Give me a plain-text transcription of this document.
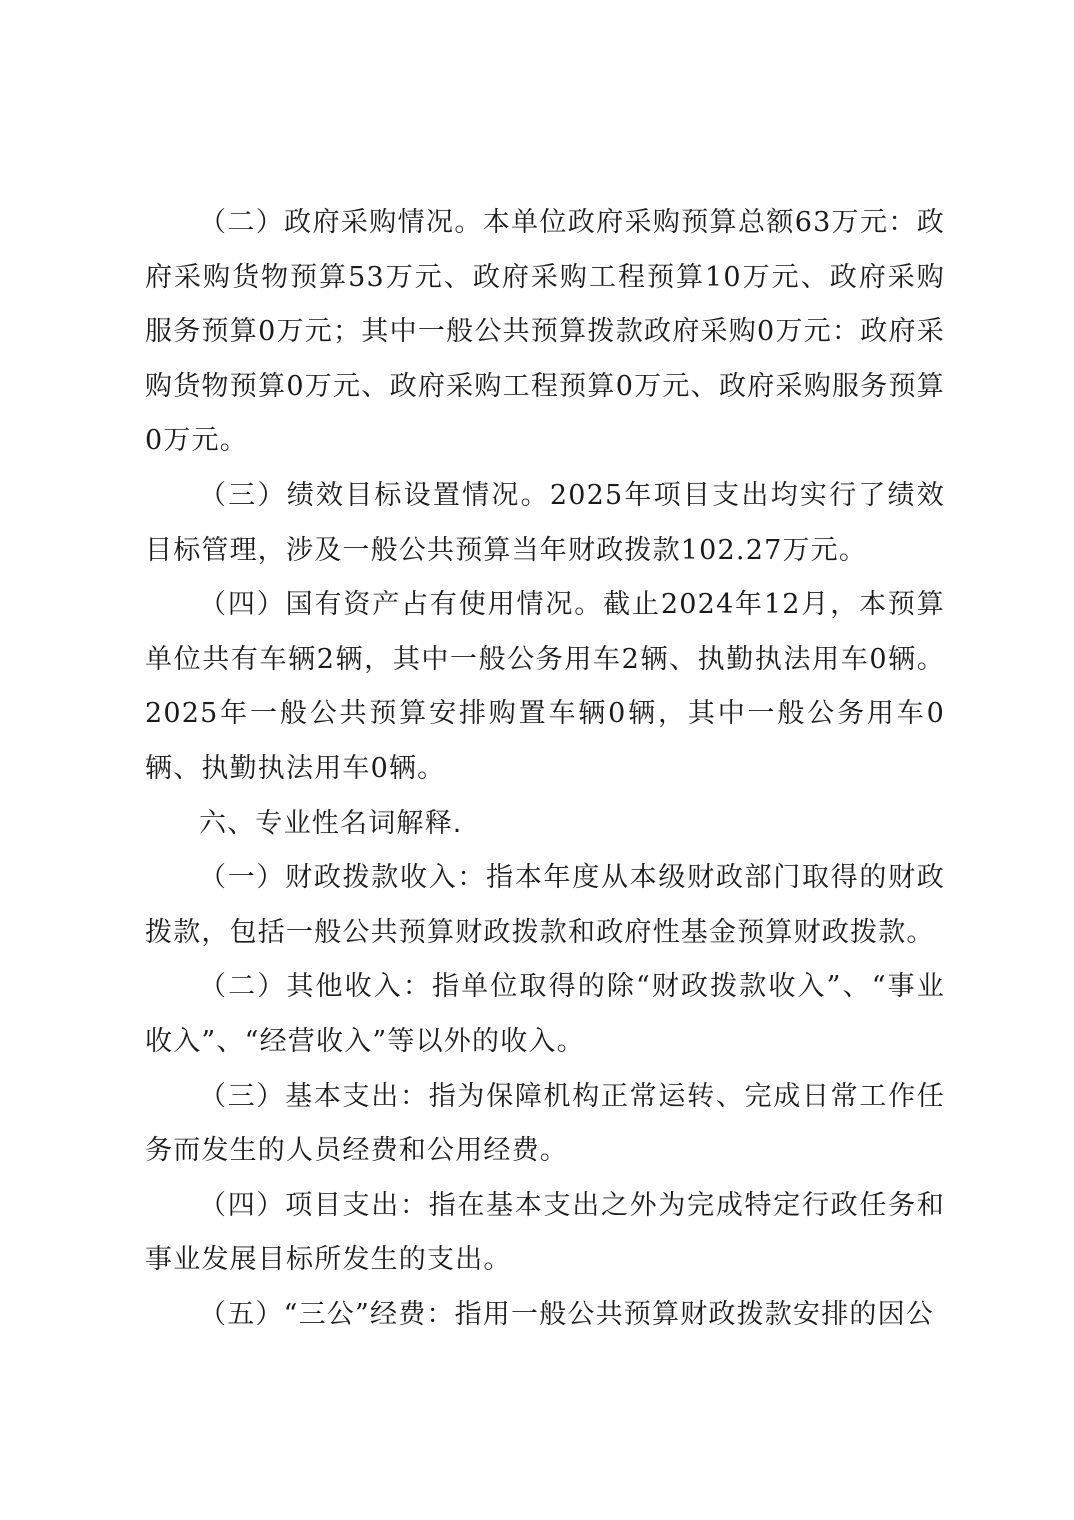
（二）政府采购情况。本单位政府采购预算总额63万元：政府采购货物预算53万元、政府采购工程预算10万元、政府采购服务预算0万元；其中一般公共预算拨款政府采购0万元：政府采购货物预算0万元、政府采购工程预算0万元、政府采购服务预算0万元。

（三）绩效目标设置情况。2025年项目支出均实行了绩效目标管理，涉及一般公共预算当年财政拨款102.27万元。

（四）国有资产占有使用情况。截止2024年12月，本预算单位共有车辆2辆，其中一般公务用车2辆、执勤执法用车0辆。2025年一般公共预算安排购置车辆0辆，其中一般公务用车0辆、执勤执法用车0辆。

六、专业性名词解释.

（一）财政拨款收入：指本年度从本级财政部门取得的财政拨款，包括一般公共预算财政拨款和政府性基金预算财政拨款。

（二）其他收入：指单位取得的除“财政拨款收入”、“事业收入”、“经营收入”等以外的收入。

（三）基本支出：指为保障机构正常运转、完成日常工作任务而发生的人员经费和公用经费。

（四）项目支出：指在基本支出之外为完成特定行政任务和事业发展目标所发生的支出。

（五）“三公”经费：指用一般公共预算财政拨款安排的因公
